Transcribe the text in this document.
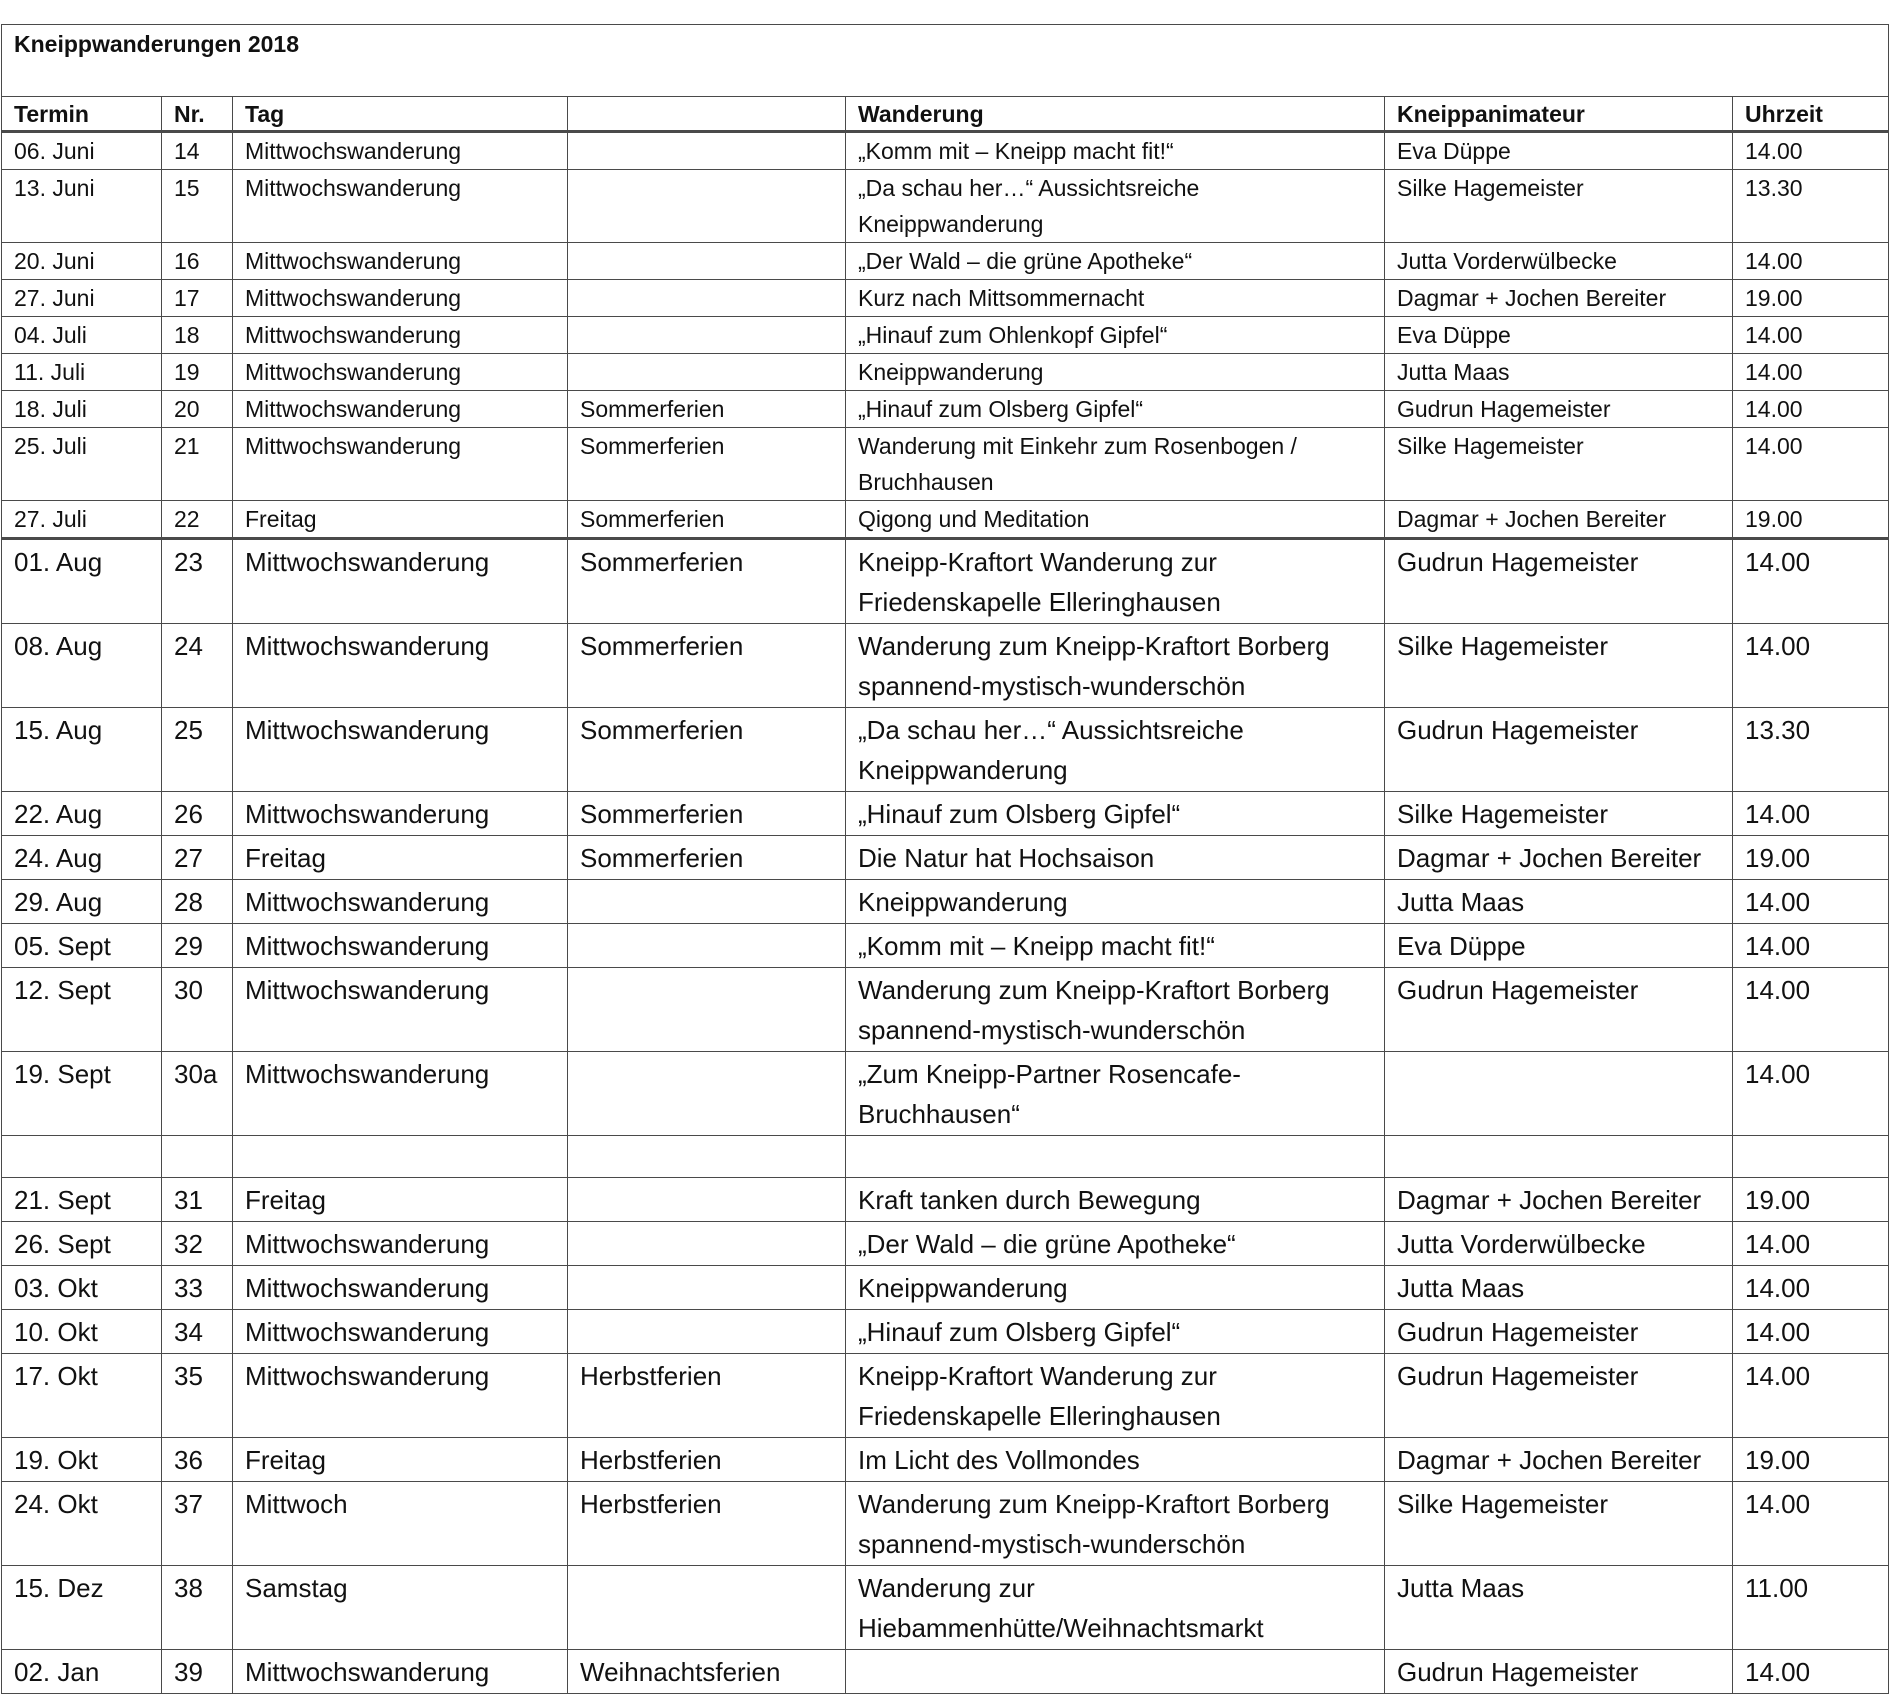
Kneippwanderungen 2018						
Termin	Nr.	Tag		Wanderung	Kneippanimateur	Uhrzeit
06. Juni	14	Mittwochswanderung		„Komm mit – Kneipp macht fit!“	Eva Düppe	14.00
13. Juni	15	Mittwochswanderung		„Da schau her…“ Aussichtsreiche Kneippwanderung	Silke Hagemeister	13.30
20. Juni	16	Mittwochswanderung		„Der Wald – die grüne Apotheke“	Jutta Vorderwülbecke	14.00
27. Juni	17	Mittwochswanderung		Kurz nach Mittsommernacht	Dagmar + Jochen Bereiter	19.00
04. Juli	18	Mittwochswanderung		„Hinauf zum Ohlenkopf Gipfel“	Eva Düppe	14.00
11. Juli	19	Mittwochswanderung		Kneippwanderung	Jutta Maas	14.00
18. Juli	20	Mittwochswanderung	Sommerferien	„Hinauf zum Olsberg Gipfel“	Gudrun Hagemeister	14.00
25. Juli	21	Mittwochswanderung	Sommerferien	Wanderung mit Einkehr zum Rosenbogen / Bruchhausen	Silke Hagemeister	14.00
27. Juli	22	Freitag	Sommerferien	Qigong und Meditation	Dagmar + Jochen Bereiter	19.00
01. Aug	23	Mittwochswanderung	Sommerferien	Kneipp-Kraftort Wanderung zur Friedenskapelle Elleringhausen	Gudrun Hagemeister	14.00
08. Aug	24	Mittwochswanderung	Sommerferien	Wanderung zum Kneipp-Kraftort Borberg spannend-mystisch-wunderschön	Silke Hagemeister	14.00
15. Aug	25	Mittwochswanderung	Sommerferien	„Da schau her…“ Aussichtsreiche Kneippwanderung	Gudrun Hagemeister	13.30
22. Aug	26	Mittwochswanderung	Sommerferien	„Hinauf zum Olsberg Gipfel“	Silke Hagemeister	14.00
24. Aug	27	Freitag	Sommerferien	Die Natur hat Hochsaison	Dagmar + Jochen Bereiter	19.00
29. Aug	28	Mittwochswanderung		Kneippwanderung	Jutta Maas	14.00
05. Sept	29	Mittwochswanderung		„Komm mit – Kneipp macht fit!“	Eva Düppe	14.00
12. Sept	30	Mittwochswanderung		Wanderung zum Kneipp-Kraftort Borberg spannend-mystisch-wunderschön	Gudrun Hagemeister	14.00
19. Sept	30a	Mittwochswanderung		„Zum Kneipp-Partner Rosencafe-Bruchhausen“		14.00

21. Sept	31	Freitag		Kraft tanken durch Bewegung	Dagmar + Jochen Bereiter	19.00
26. Sept	32	Mittwochswanderung		„Der Wald – die grüne Apotheke“	Jutta Vorderwülbecke	14.00
03. Okt	33	Mittwochswanderung		Kneippwanderung	Jutta Maas	14.00
10. Okt	34	Mittwochswanderung		„Hinauf zum Olsberg Gipfel“	Gudrun Hagemeister	14.00
17. Okt	35	Mittwochswanderung	Herbstferien	Kneipp-Kraftort Wanderung zur Friedenskapelle Elleringhausen	Gudrun Hagemeister	14.00
19. Okt	36	Freitag	Herbstferien	Im Licht des Vollmondes	Dagmar + Jochen Bereiter	19.00
24. Okt	37	Mittwoch	Herbstferien	Wanderung zum Kneipp-Kraftort Borberg spannend-mystisch-wunderschön	Silke Hagemeister	14.00
15. Dez	38	Samstag		Wanderung zur Hiebammenhütte/Weihnachtsmarkt	Jutta Maas	11.00
02. Jan	39	Mittwochswanderung	Weihnachtsferien		Gudrun Hagemeister	14.00
